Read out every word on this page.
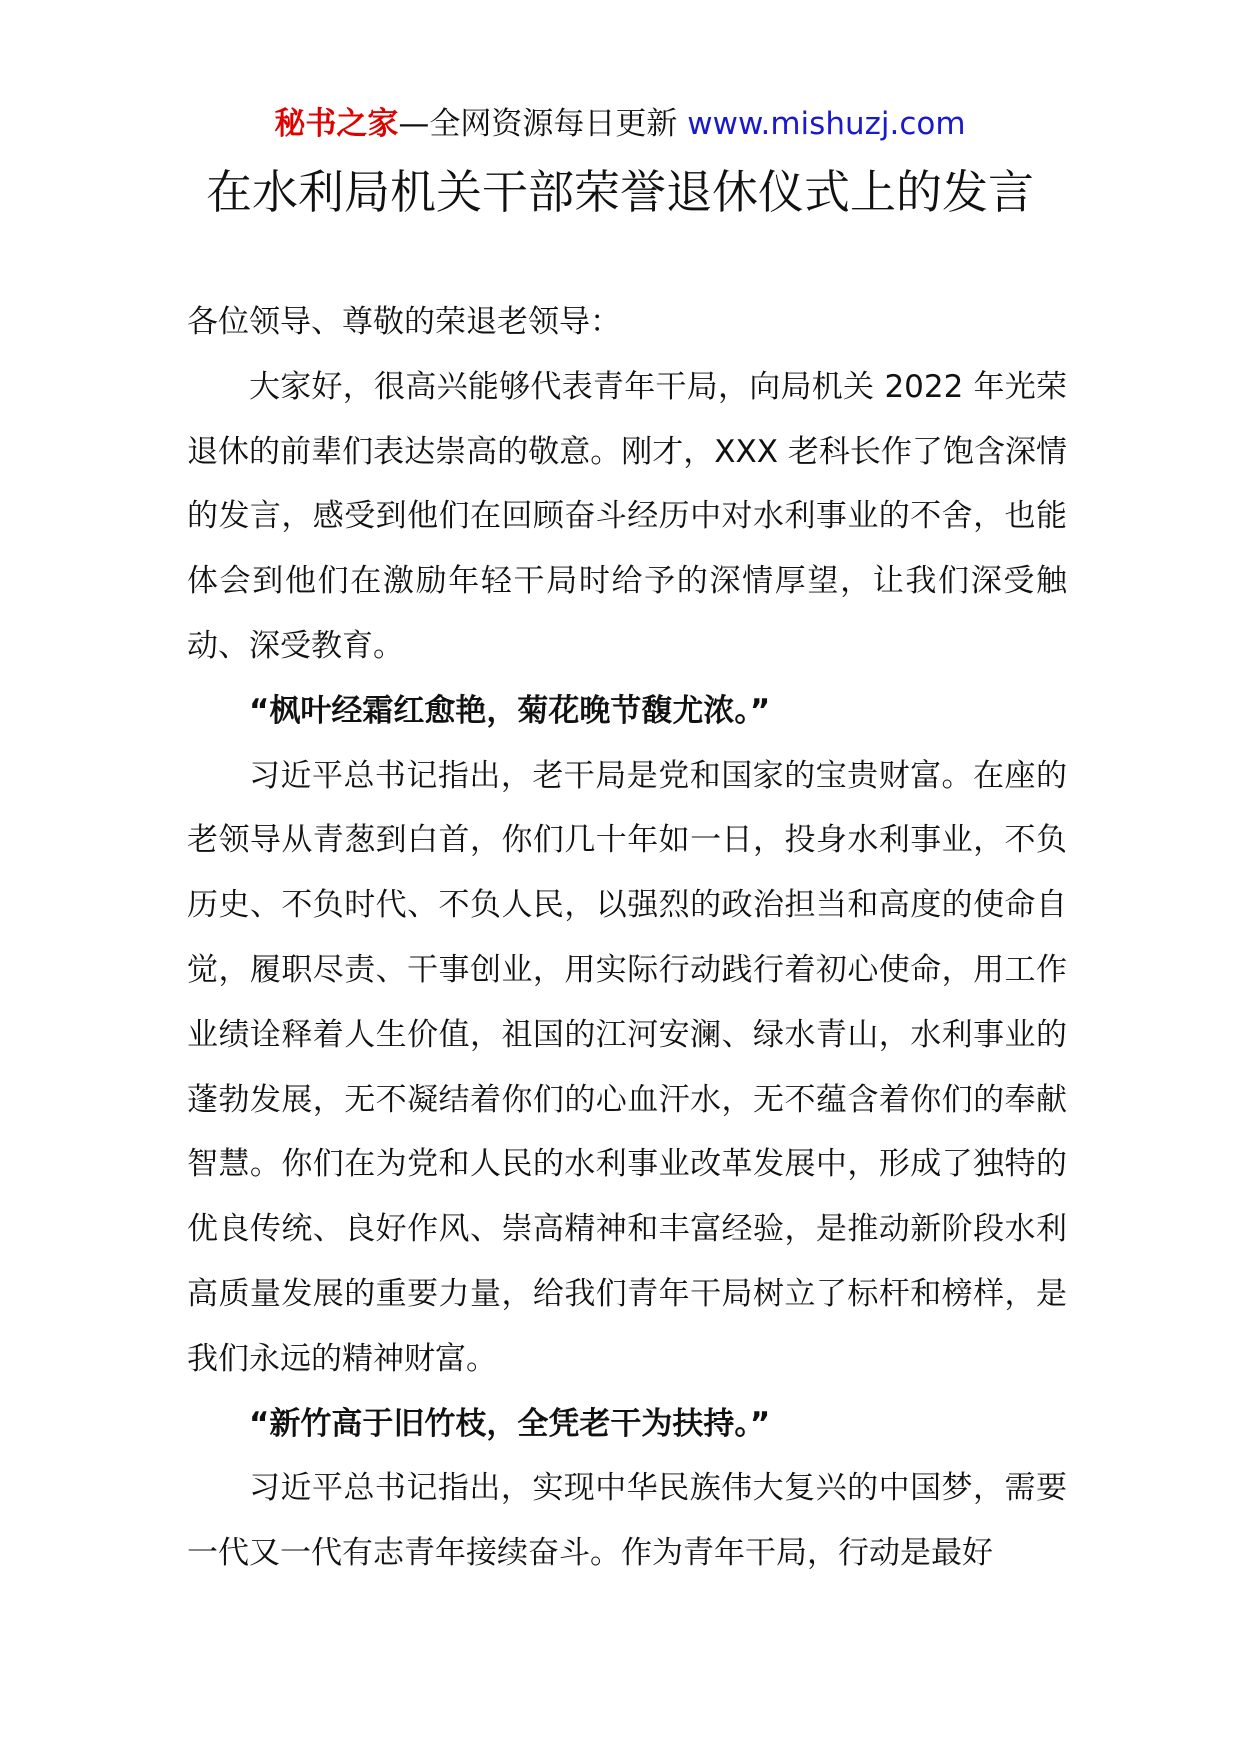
秘书之家—全网资源每日更新 www.mishuzj.com
在水利局机关干部荣誉退休仪式上的发言

各位领导、尊敬的荣退老领导：

大家好，很高兴能够代表青年干局，向局机关 2022 年光荣退休的前辈们表达崇高的敬意。刚才，XXX 老科长作了饱含深情的发言，感受到他们在回顾奋斗经历中对水利事业的不舍，也能体会到他们在激励年轻干局时给予的深情厚望，让我们深受触动、深受教育。

“枫叶经霜红愈艳，菊花晚节馥尤浓。”

习近平总书记指出，老干局是党和国家的宝贵财富。在座的老领导从青葱到白首，你们几十年如一日，投身水利事业，不负历史、不负时代、不负人民，以强烈的政治担当和高度的使命自觉，履职尽责、干事创业，用实际行动践行着初心使命，用工作业绩诠释着人生价值，祖国的江河安澜、绿水青山，水利事业的蓬勃发展，无不凝结着你们的心血汗水，无不蕴含着你们的奉献智慧。你们在为党和人民的水利事业改革发展中，形成了独特的优良传统、良好作风、崇高精神和丰富经验，是推动新阶段水利高质量发展的重要力量，给我们青年干局树立了标杆和榜样，是我们永远的精神财富。

“新竹高于旧竹枝，全凭老干为扶持。”

习近平总书记指出，实现中华民族伟大复兴的中国梦，需要一代又一代有志青年接续奋斗。作为青年干局，行动是最好
